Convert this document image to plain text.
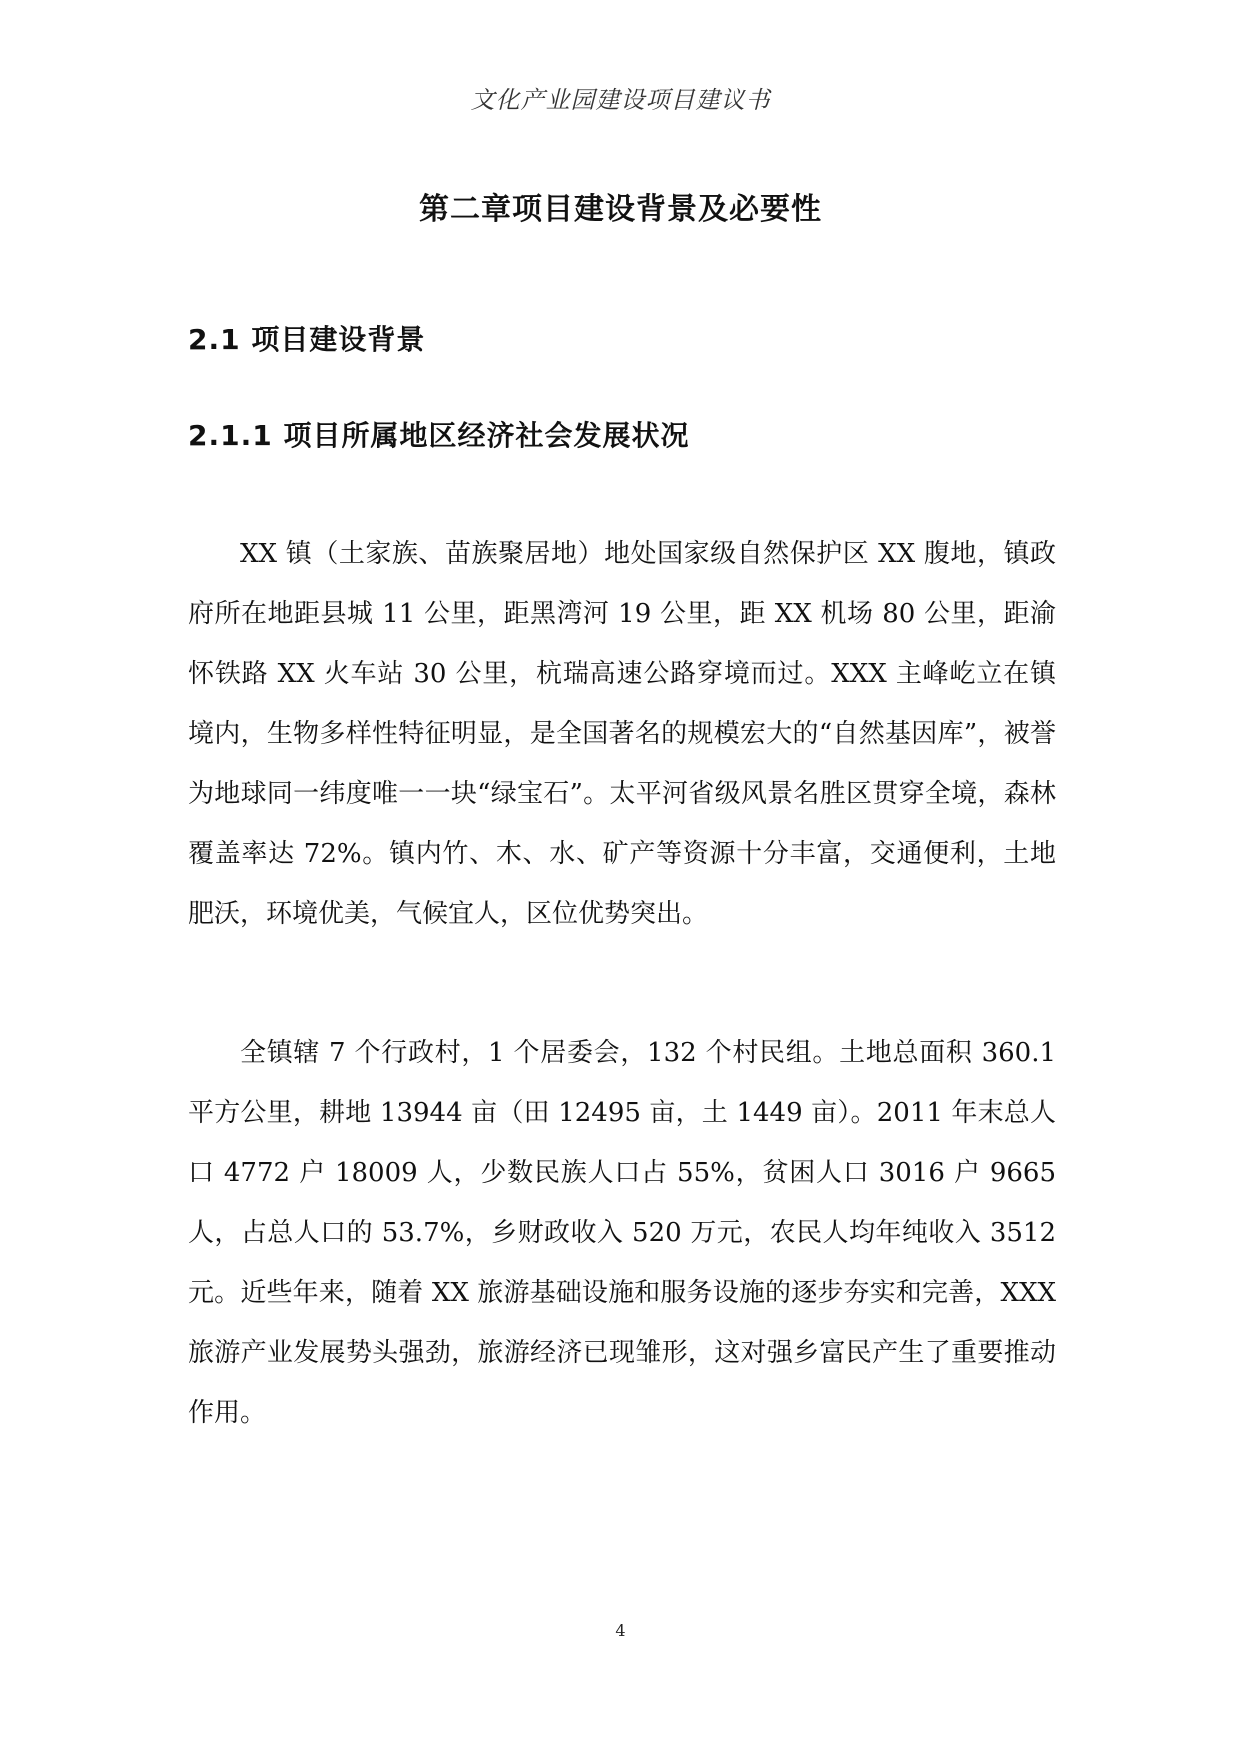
文化产业园建设项目建议书
第二章项目建设背景及必要性
2.1 项目建设背景
2.1.1 项目所属地区经济社会发展状况

XX 镇（土家族、苗族聚居地）地处国家级自然保护区 XX 腹地，镇政府所在地距县城 11 公里，距黑湾河 19 公里，距 XX 机场 80 公里，距渝怀铁路 XX 火车站 30 公里，杭瑞高速公路穿境而过。XXX 主峰屹立在镇境内，生物多样性特征明显，是全国著名的规模宏大的“自然基因库”，被誉为地球同一纬度唯一一块“绿宝石”。太平河省级风景名胜区贯穿全境，森林覆盖率达 72%。镇内竹、木、水、矿产等资源十分丰富，交通便利，土地肥沃，环境优美，气候宜人，区位优势突出。

全镇辖 7 个行政村，1 个居委会，132 个村民组。土地总面积 360.1 平方公里，耕地 13944 亩（田 12495 亩，土 1449 亩）。2011 年末总人口 4772 户 18009 人，少数民族人口占 55%，贫困人口 3016 户 9665 人，占总人口的 53.7%，乡财政收入 520 万元，农民人均年纯收入 3512 元。近些年来，随着 XX 旅游基础设施和服务设施的逐步夯实和完善，XXX 旅游产业发展势头强劲，旅游经济已现雏形，这对强乡富民产生了重要推动作用。

4
